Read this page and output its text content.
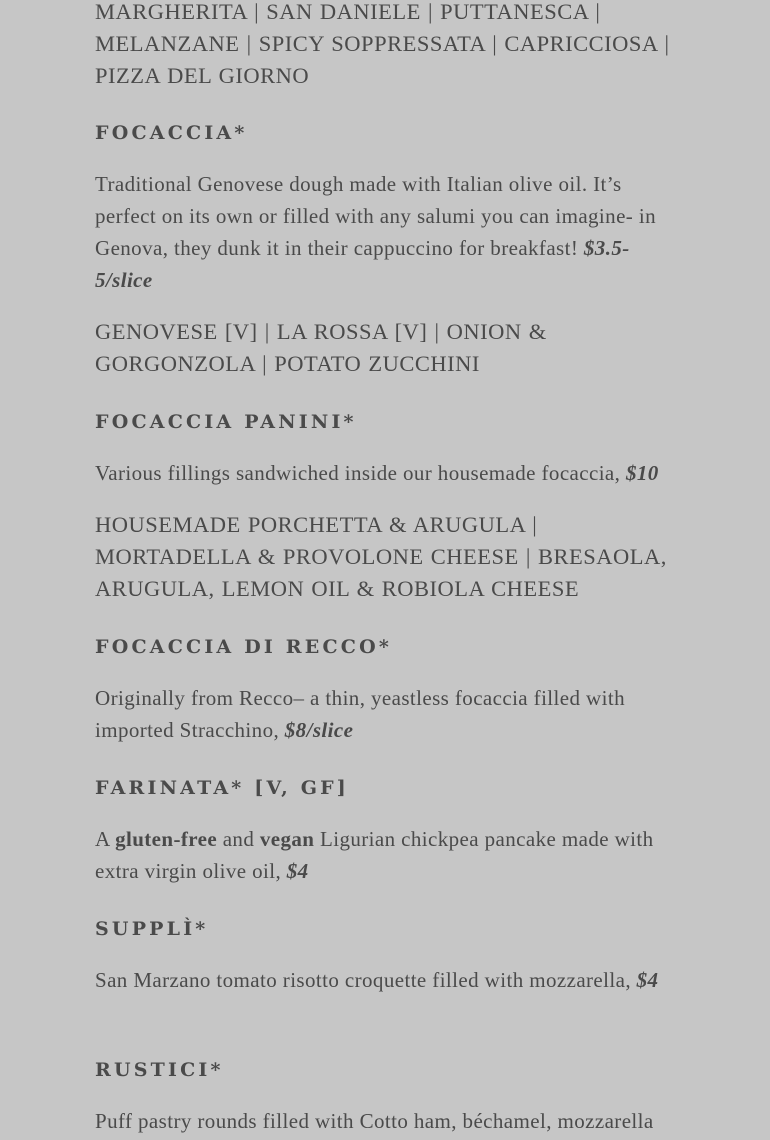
MARGHERITA | SAN DANIELE | PUTTANESCA |

MELANZANE | SPICY SOPPRESSATA | CAPRICCIOSA |

PIZZA DEL GIORNO

FOCACCIA*

Traditional Genovese dough made with Italian olive oil. It’s perfect on its own or filled with any salumi you can imagine- in Genova, they dunk it in their cappuccino for breakfast! $3.5-5/slice

GENOVESE [V] | LA ROSSA [V] | ONION & GORGONZOLA | POTATO ZUCCHINI

FOCACCIA PANINI*

Various fillings sandwiched inside our housemade focaccia, $10

HOUSEMADE PORCHETTA & ARUGULA | MORTADELLA & PROVOLONE CHEESE | BRESAOLA, ARUGULA, LEMON OIL & ROBIOLA CHEESE

FOCACCIA DI RECCO*

Originally from Recco– a thin, yeastless focaccia filled with imported Stracchino, $8/slice

FARINATA* [V, GF]

A gluten-free and vegan Ligurian chickpea pancake made with extra virgin olive oil, $4

SUPPLÌ*

San Marzano tomato risotto croquette filled with mozzarella, $4

RUSTICI*

Puff pastry rounds filled with Cotto ham, béchamel, mozzarella
